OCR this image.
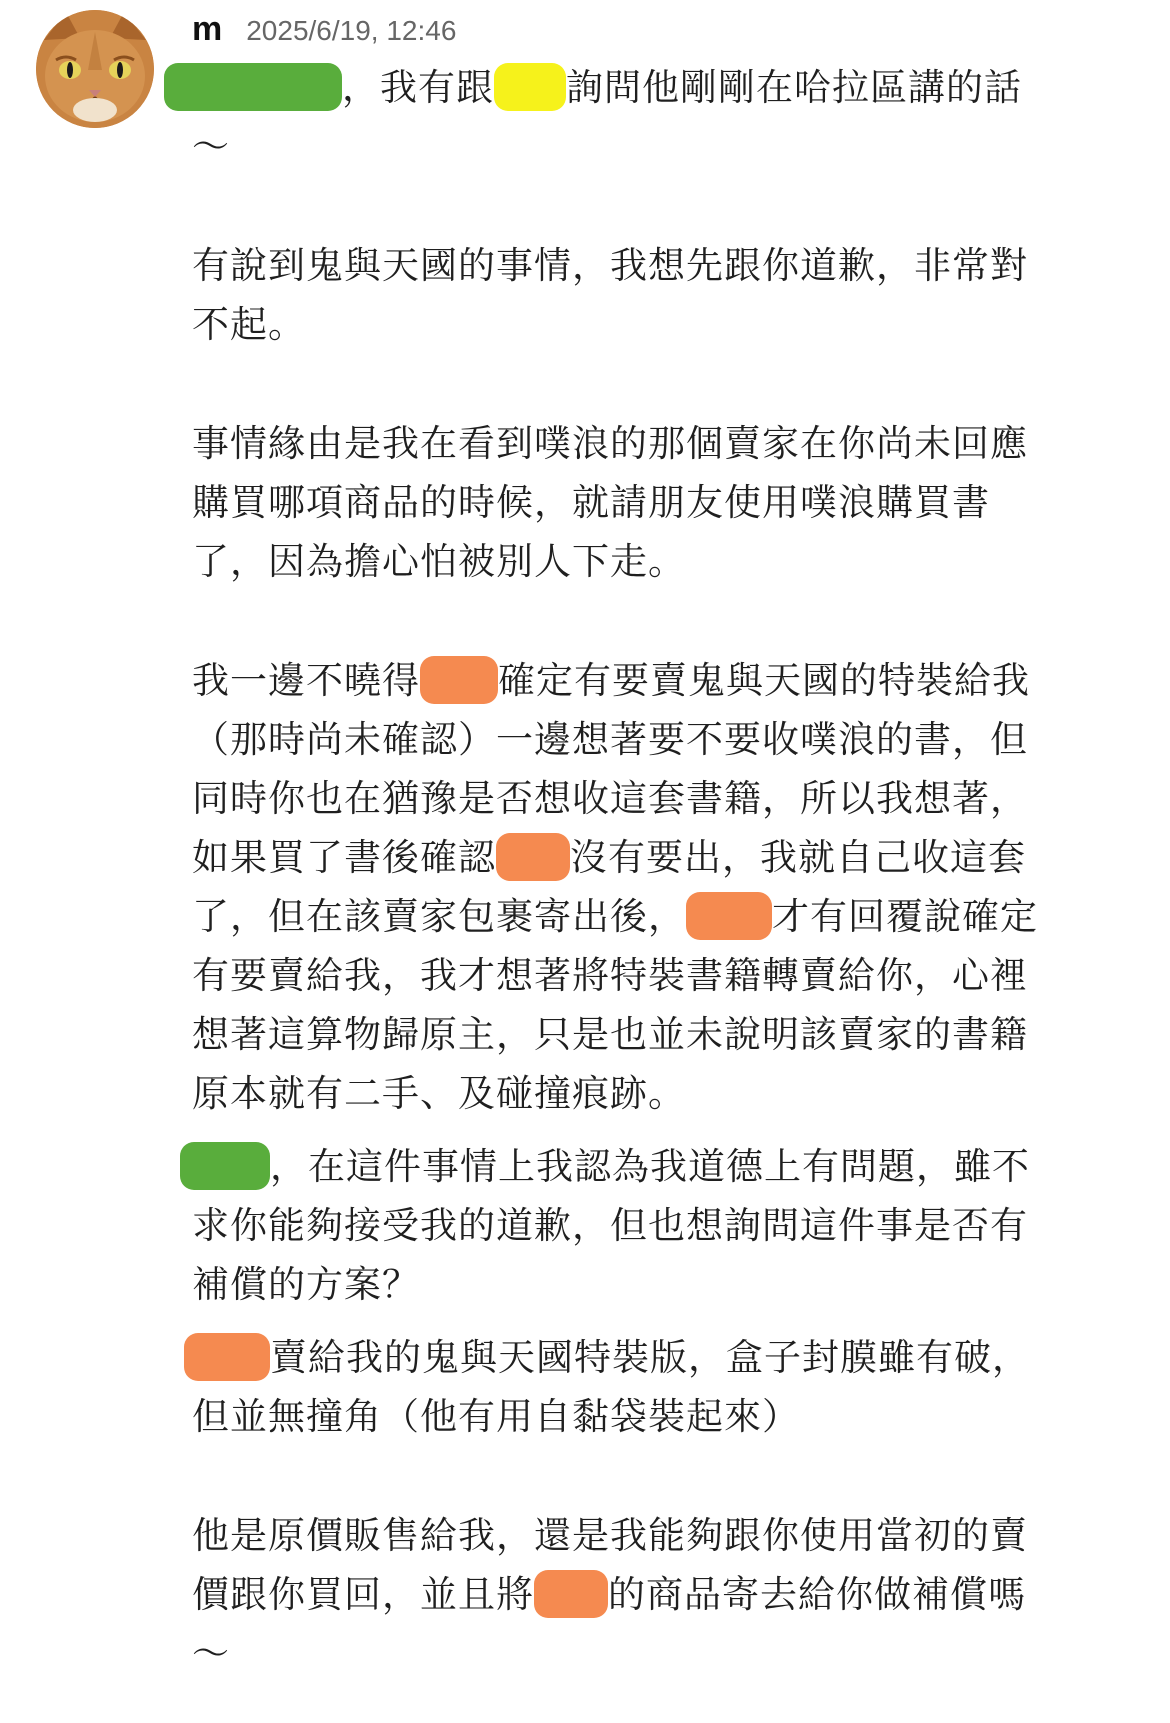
m 2025/6/19, 12:46
，我有跟 詢問他剛剛在哈拉區講的話
～
有說到鬼與天國的事情，我想先跟你道歉，非常對
不起。
事情緣由是我在看到噗浪的那個賣家在你尚未回應
購買哪項商品的時候，就請朋友使用噗浪購買書
了，因為擔心怕被別人下走。
我一邊不曉得 確定有要賣鬼與天國的特裝給我
（那時尚未確認）一邊想著要不要收噗浪的書，但
同時你也在猶豫是否想收這套書籍，所以我想著，
如果買了書後確認 沒有要出，我就自己收這套
了，但在該賣家包裹寄出後， 才有回覆說確定
有要賣給我，我才想著將特裝書籍轉賣給你，心裡
想著這算物歸原主，只是也並未說明該賣家的書籍
原本就有二手、及碰撞痕跡。
，在這件事情上我認為我道德上有問題，雖不
求你能夠接受我的道歉，但也想詢問這件事是否有
補償的方案？
賣給我的鬼與天國特裝版，盒子封膜雖有破，
但並無撞角（他有用自黏袋裝起來）
他是原價販售給我，還是我能夠跟你使用當初的賣
價跟你買回，並且將 的商品寄去給你做補償嗎
～
